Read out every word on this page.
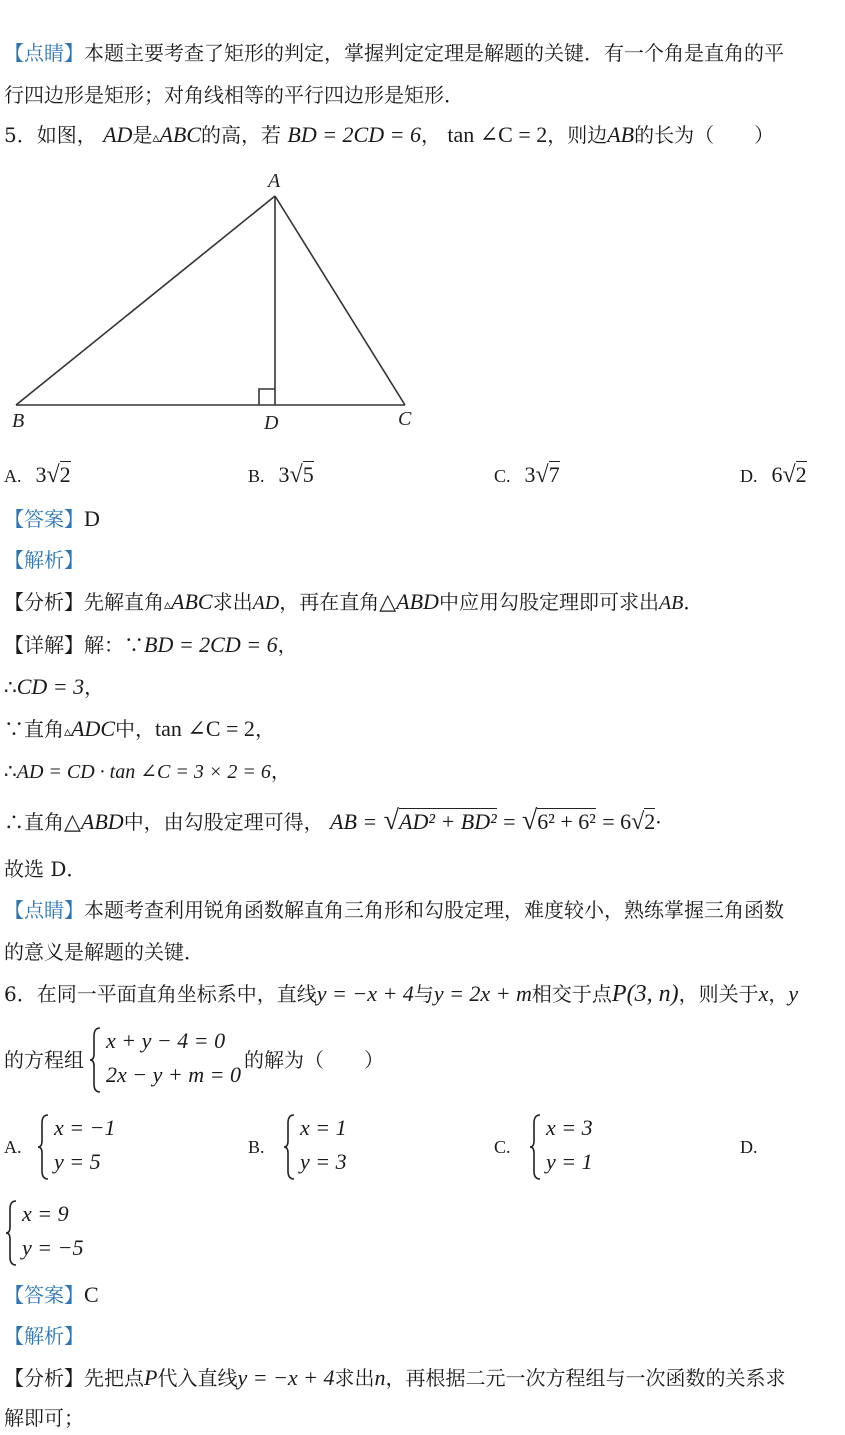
【点睛】本题主要考查了矩形的判定，掌握判定定理是解题的关键．有一个角是直角的平
行四边形是矩形；对角线相等的平行四边形是矩形．
5．如图， AD是▵ABC的高，若 BD = 2CD = 6， tan ∠C = 2，则边AB的长为（　　）
A
B	C
D
A. 3√2	B. 3√5	C. 3√7	D. 6√2
【答案】D
【解析】
【分析】先解直角▵ABC求出AD，再在直角△ABD中应用勾股定理即可求出AB．
【详解】解：∵BD = 2CD = 6，
∴CD = 3，
∵直角▵ADC中，tan ∠C = 2，
∴AD = CD · tan ∠C = 3 × 2 = 6，
∴直角△ABD中，由勾股定理可得， AB = √AD² + BD² = √6² + 6² = 6√2·
故选 D．
【点睛】本题考查利用锐角函数解直角三角形和勾股定理，难度较小，熟练掌握三角函数
的意义是解题的关键．
6．在同一平面直角坐标系中，直线y = −x + 4与y = 2x + m相交于点P(3, n)，则关于x，y
的方程组
x + y − 4 = 0
2x − y + m = 0
的解为（　　）
A.
x = −1
y = 5
B.
x = 1
y = 3
C.
x = 3
y = 1
D.
x = 9
y = −5
【答案】C
【解析】
【分析】先把点P代入直线y = −x + 4求出n，再根据二元一次方程组与一次函数的关系求
解即可；
